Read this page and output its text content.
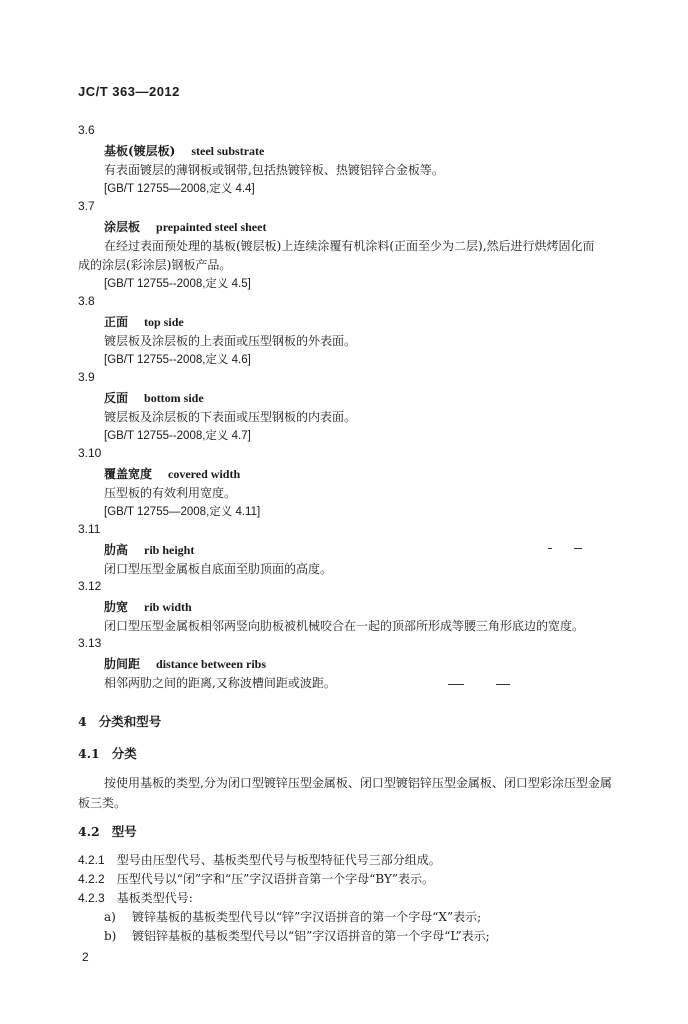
JC/T 363—2012
3.6
基板(镀层板) steel substrate
有表面镀层的薄钢板或钢带,包括热镀锌板、热镀铝锌合金板等。
[GB/T 12755—2008,定义 4.4]
3.7
涂层板 prepainted steel sheet
在经过表面预处理的基板(镀层板)上连续涂覆有机涂料(正面至少为二层),然后进行烘烤固化而
成的涂层(彩涂层)钢板产品。
[GB/T 12755--2008,定义 4.5]
3.8
正面 top side
镀层板及涂层板的上表面或压型钢板的外表面。
[GB/T 12755--2008,定义 4.6]
3.9
反面 bottom side
镀层板及涂层板的下表面或压型钢板的内表面。
[GB/T 12755--2008,定义 4.7]
3.10
覆盖宽度 covered width
压型板的有效利用宽度。
[GB/T 12755—2008,定义 4.11]
3.11
肋高 rib height
闭口型压型金属板自底面至肋顶面的高度。
3.12
肋宽 rib width
闭口型压型金属板相邻两竖向肋板被机械咬合在一起的顶部所形成等腰三角形底边的宽度。
3.13
肋间距 distance between ribs
相邻两肋之间的距离,又称波槽间距或波距。
4 分类和型号
4.1 分类
按使用基板的类型,分为闭口型镀锌压型金属板、闭口型镀铝锌压型金属板、闭口型彩涂压型金属
板三类。
4.2 型号
4.2.1 型号由压型代号、基板类型代号与板型特征代号三部分组成。
4.2.2 压型代号以“闭”字和“压”字汉语拼音第一个字母“BY”表示。
4.2.3 基板类型代号:
a) 镀锌基板的基板类型代号以“锌”字汉语拼音的第一个字母“X”表示;
b) 镀铝锌基板的基板类型代号以“铝”字汉语拼音的第一个字母“L”表示;
2
